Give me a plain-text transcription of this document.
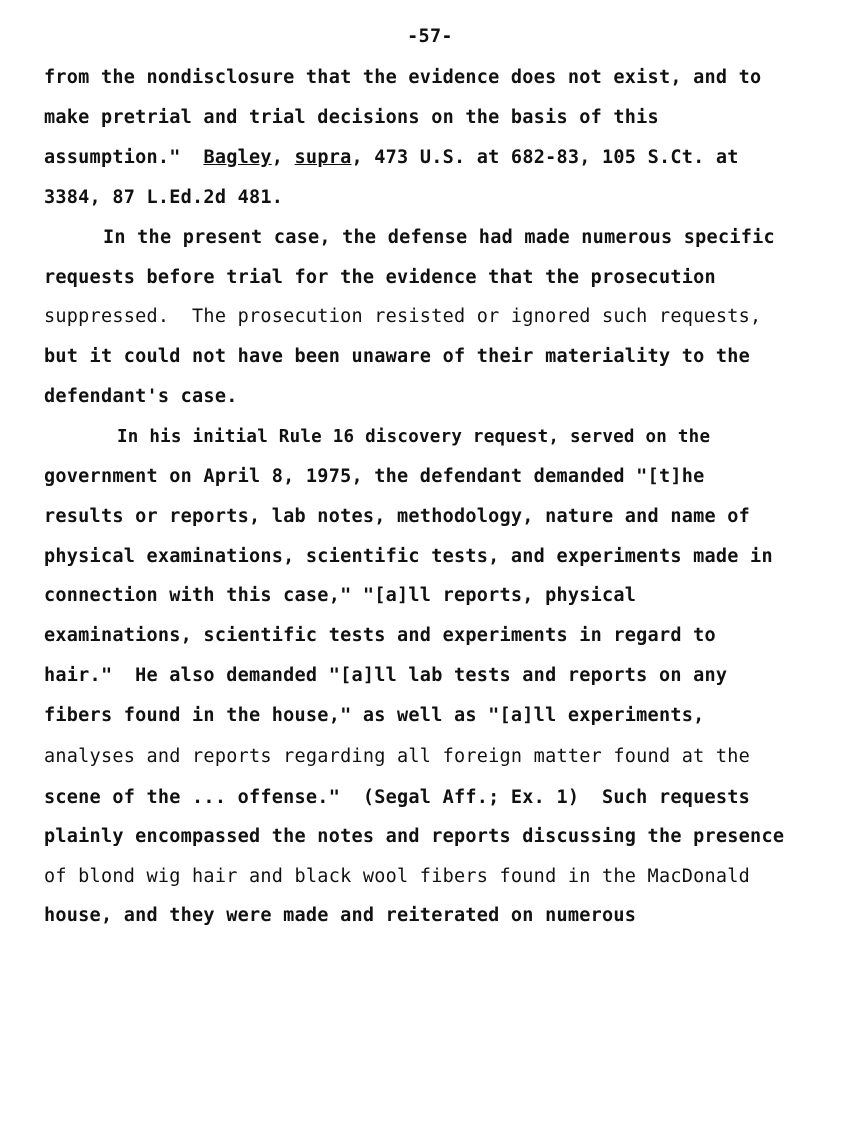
-57-
from the nondisclosure that the evidence does not exist, and to
make pretrial and trial decisions on the basis of this
assumption." Bagley, supra, 473 U.S. at 682-83, 105 S.Ct. at
3384, 87 L.Ed.2d 481.
In the present case, the defense had made numerous specific
requests before trial for the evidence that the prosecution
suppressed.  The prosecution resisted or ignored such requests,
but it could not have been unaware of their materiality to the
defendant's case.
In his initial Rule 16 discovery request, served on the
government on April 8, 1975, the defendant demanded "[t]he
results or reports, lab notes, methodology, nature and name of
physical examinations, scientific tests, and experiments made in
connection with this case," "[a]ll reports, physical
examinations, scientific tests and experiments in regard to
hair."  He also demanded "[a]ll lab tests and reports on any
fibers found in the house," as well as "[a]ll experiments,
analyses and reports regarding all foreign matter found at the
scene of the ... offense."  (Segal Aff.; Ex. 1)  Such requests
plainly encompassed the notes and reports discussing the presence
of blond wig hair and black wool fibers found in the MacDonald
house, and they were made and reiterated on numerous
